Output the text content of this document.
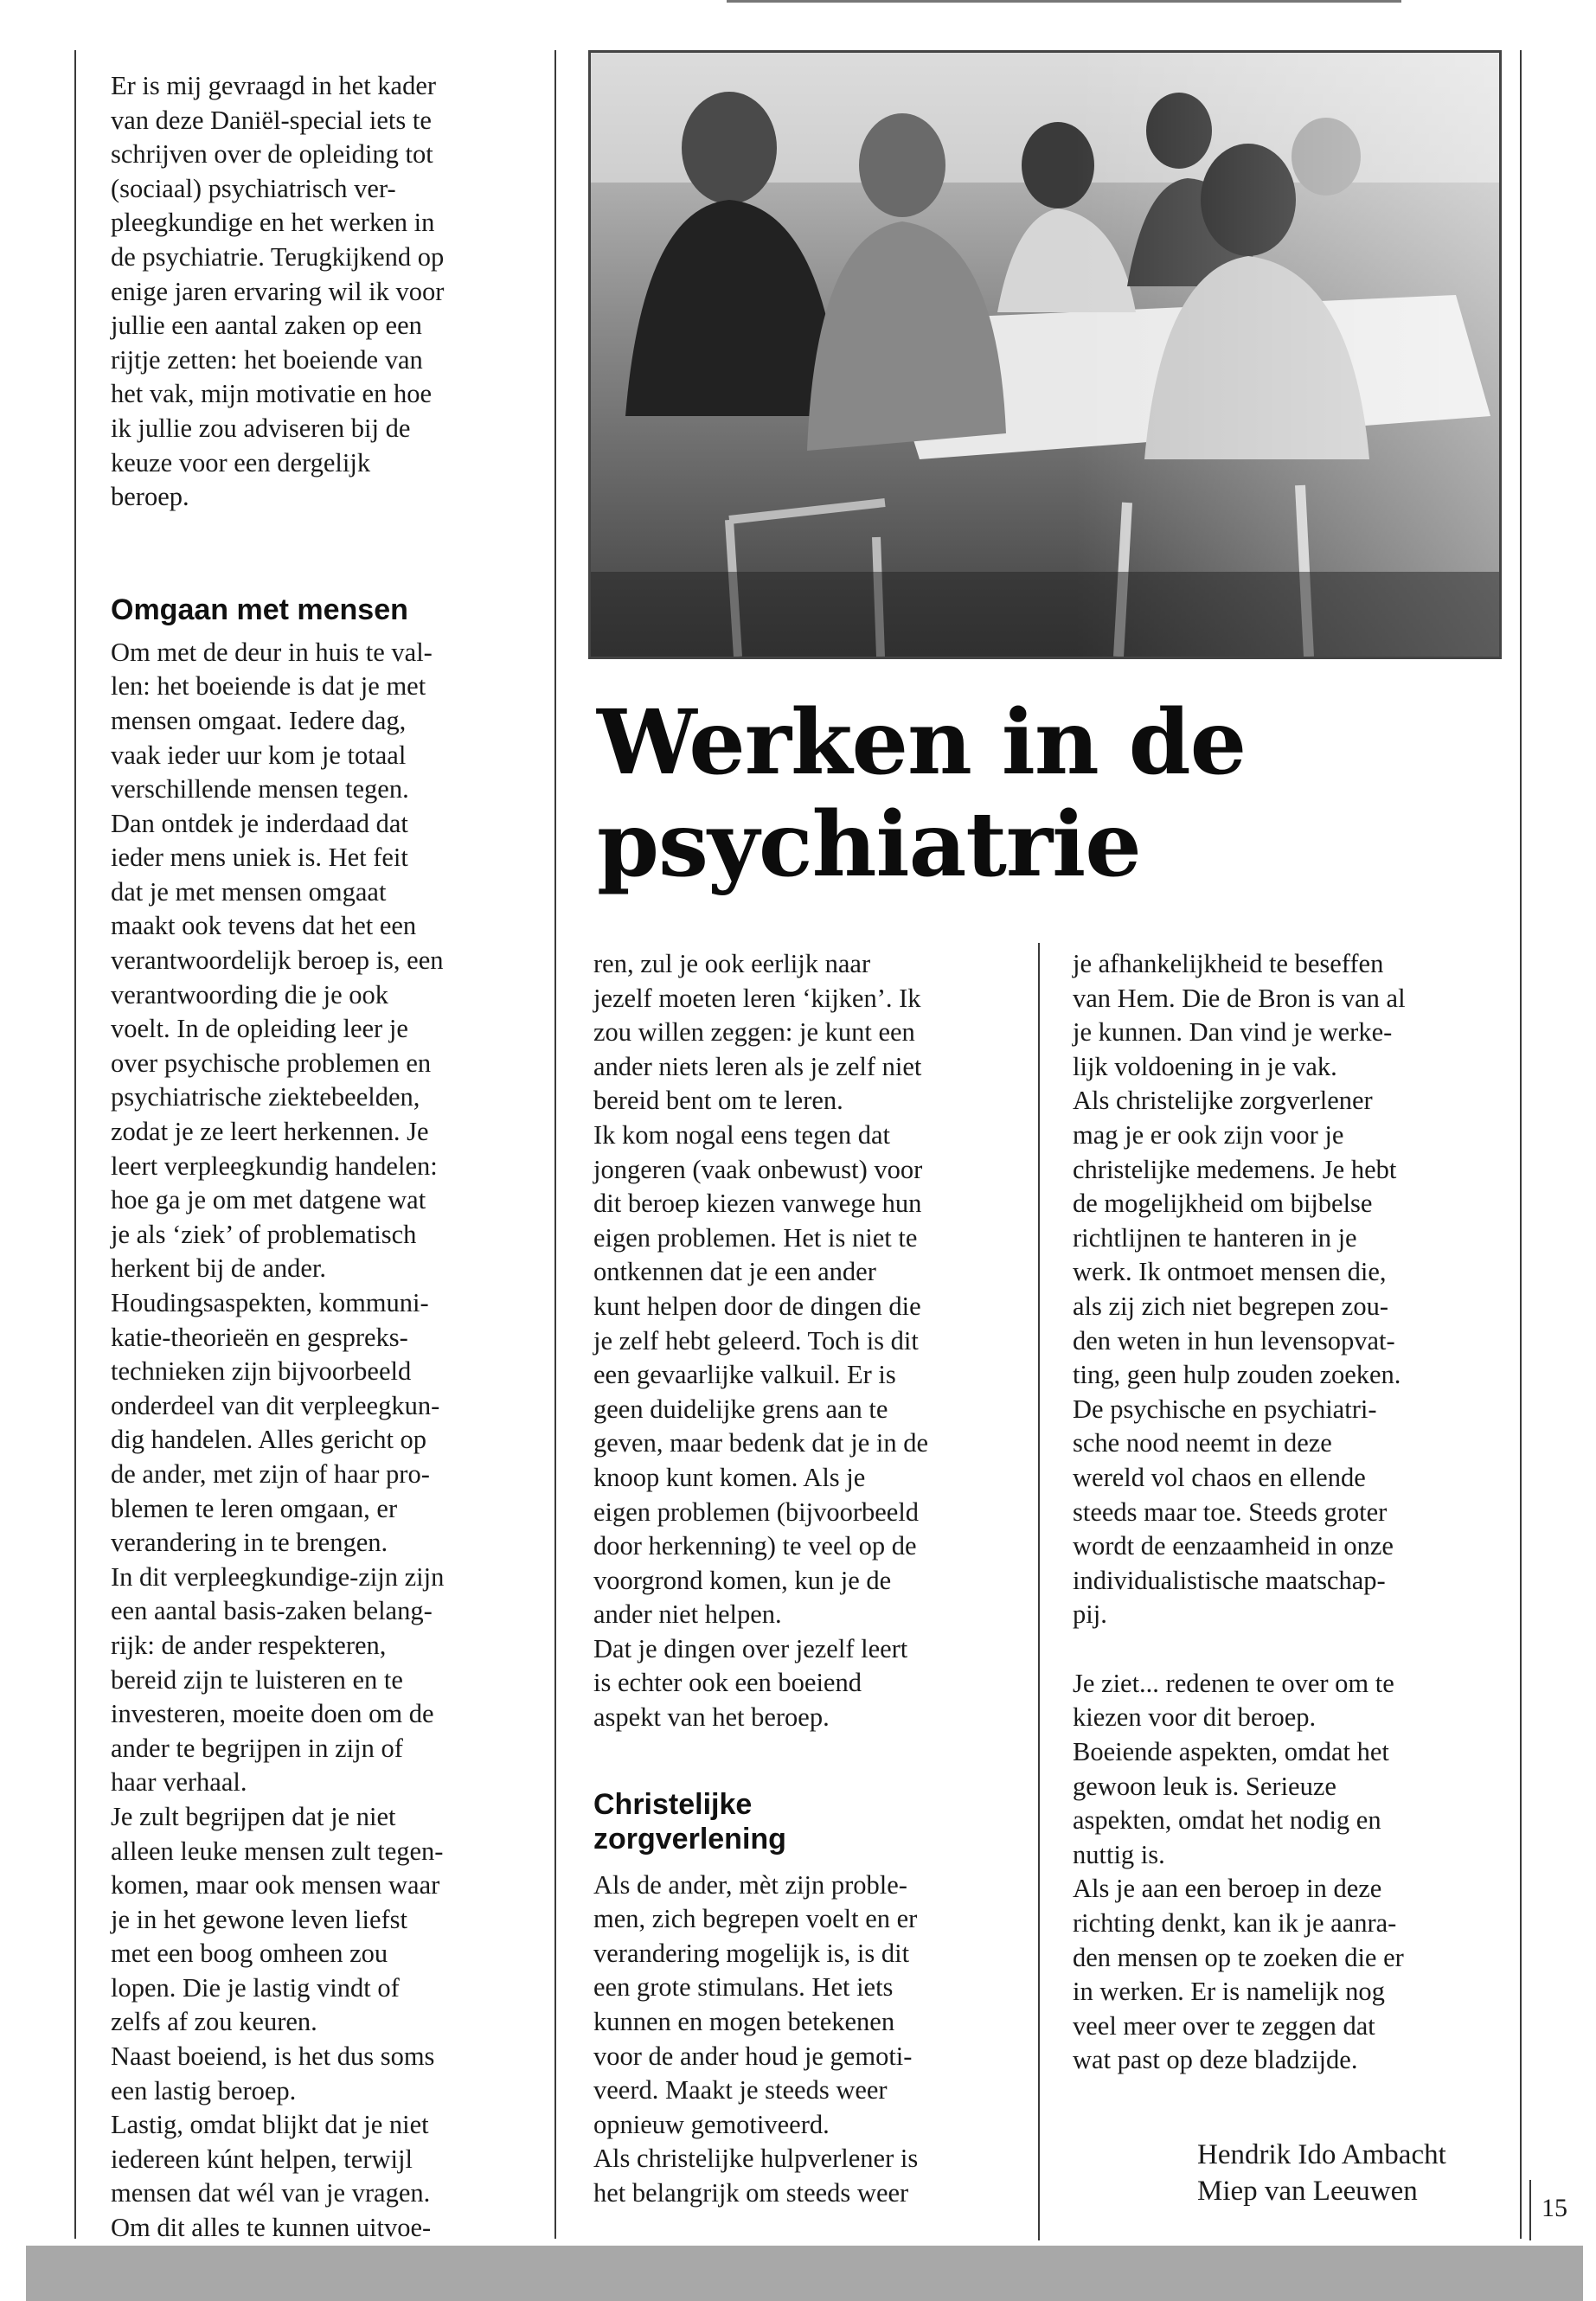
Er is mij gevraagd in het kader
van deze Daniël-special iets te
schrijven over de opleiding tot
(sociaal) psychiatrisch ver-
pleegkundige en het werken in
de psychiatrie. Terugkijkend op
enige jaren ervaring wil ik voor
jullie een aantal zaken op een
rijtje zetten: het boeiende van
het vak, mijn motivatie en hoe
ik jullie zou adviseren bij de
keuze voor een dergelijk
beroep.

Omgaan met mensen

Om met de deur in huis te val-
len: het boeiende is dat je met
mensen omgaat. Iedere dag,
vaak ieder uur kom je totaal
verschillende mensen tegen.
Dan ontdek je inderdaad dat
ieder mens uniek is. Het feit
dat je met mensen omgaat
maakt ook tevens dat het een
verantwoordelijk beroep is, een
verantwoording die je ook
voelt. In de opleiding leer je
over psychische problemen en
psychiatrische ziektebeelden,
zodat je ze leert herkennen. Je
leert verpleegkundig handelen:
hoe ga je om met datgene wat
je als ‘ziek’ of problematisch
herkent bij de ander.
Houdingsaspekten, kommuni-
katie-theorieën en gespreks-
technieken zijn bijvoorbeeld
onderdeel van dit verpleegkun-
dig handelen. Alles gericht op
de ander, met zijn of haar pro-
blemen te leren omgaan, er
verandering in te brengen.
In dit verpleegkundige-zijn zijn
een aantal basis-zaken belang-
rijk: de ander respekteren,
bereid zijn te luisteren en te
investeren, moeite doen om de
ander te begrijpen in zijn of
haar verhaal.
Je zult begrijpen dat je niet
alleen leuke mensen zult tegen-
komen, maar ook mensen waar
je in het gewone leven liefst
met een boog omheen zou
lopen. Die je lastig vindt of
zelfs af zou keuren.
Naast boeiend, is het dus soms
een lastig beroep.
Lastig, omdat blijkt dat je niet
iedereen kúnt helpen, terwijl
mensen dat wél van je vragen.
Om dit alles te kunnen uitvoe-

Werken in de
psychiatrie

ren, zul je ook eerlijk naar
jezelf moeten leren ‘kijken’. Ik
zou willen zeggen: je kunt een
ander niets leren als je zelf niet
bereid bent om te leren.
Ik kom nogal eens tegen dat
jongeren (vaak onbewust) voor
dit beroep kiezen vanwege hun
eigen problemen. Het is niet te
ontkennen dat je een ander
kunt helpen door de dingen die
je zelf hebt geleerd. Toch is dit
een gevaarlijke valkuil. Er is
geen duidelijke grens aan te
geven, maar bedenk dat je in de
knoop kunt komen. Als je
eigen problemen (bijvoorbeeld
door herkenning) te veel op de
voorgrond komen, kun je de
ander niet helpen.
Dat je dingen over jezelf leert
is echter ook een boeiend
aspekt van het beroep.

Christelijke
zorgverlening

Als de ander, mèt zijn proble-
men, zich begrepen voelt en er
verandering mogelijk is, is dit
een grote stimulans. Het iets
kunnen en mogen betekenen
voor de ander houd je gemoti-
veerd. Maakt je steeds weer
opnieuw gemotiveerd.
Als christelijke hulpverlener is
het belangrijk om steeds weer

je afhankelijkheid te beseffen
van Hem. Die de Bron is van al
je kunnen. Dan vind je werke-
lijk voldoening in je vak.
Als christelijke zorgverlener
mag je er ook zijn voor je
christelijke medemens. Je hebt
de mogelijkheid om bijbelse
richtlijnen te hanteren in je
werk. Ik ontmoet mensen die,
als zij zich niet begrepen zou-
den weten in hun levensopvat-
ting, geen hulp zouden zoeken.
De psychische en psychiatri-
sche nood neemt in deze
wereld vol chaos en ellende
steeds maar toe. Steeds groter
wordt de eenzaamheid in onze
individualistische maatschap-
pij.

Je ziet... redenen te over om te
kiezen voor dit beroep.
Boeiende aspekten, omdat het
gewoon leuk is. Serieuze
aspekten, omdat het nodig en
nuttig is.
Als je aan een beroep in deze
richting denkt, kan ik je aanra-
den mensen op te zoeken die er
in werken. Er is namelijk nog
veel meer over te zeggen dat
wat past op deze bladzijde.

Hendrik Ido Ambacht
Miep van Leeuwen
15
